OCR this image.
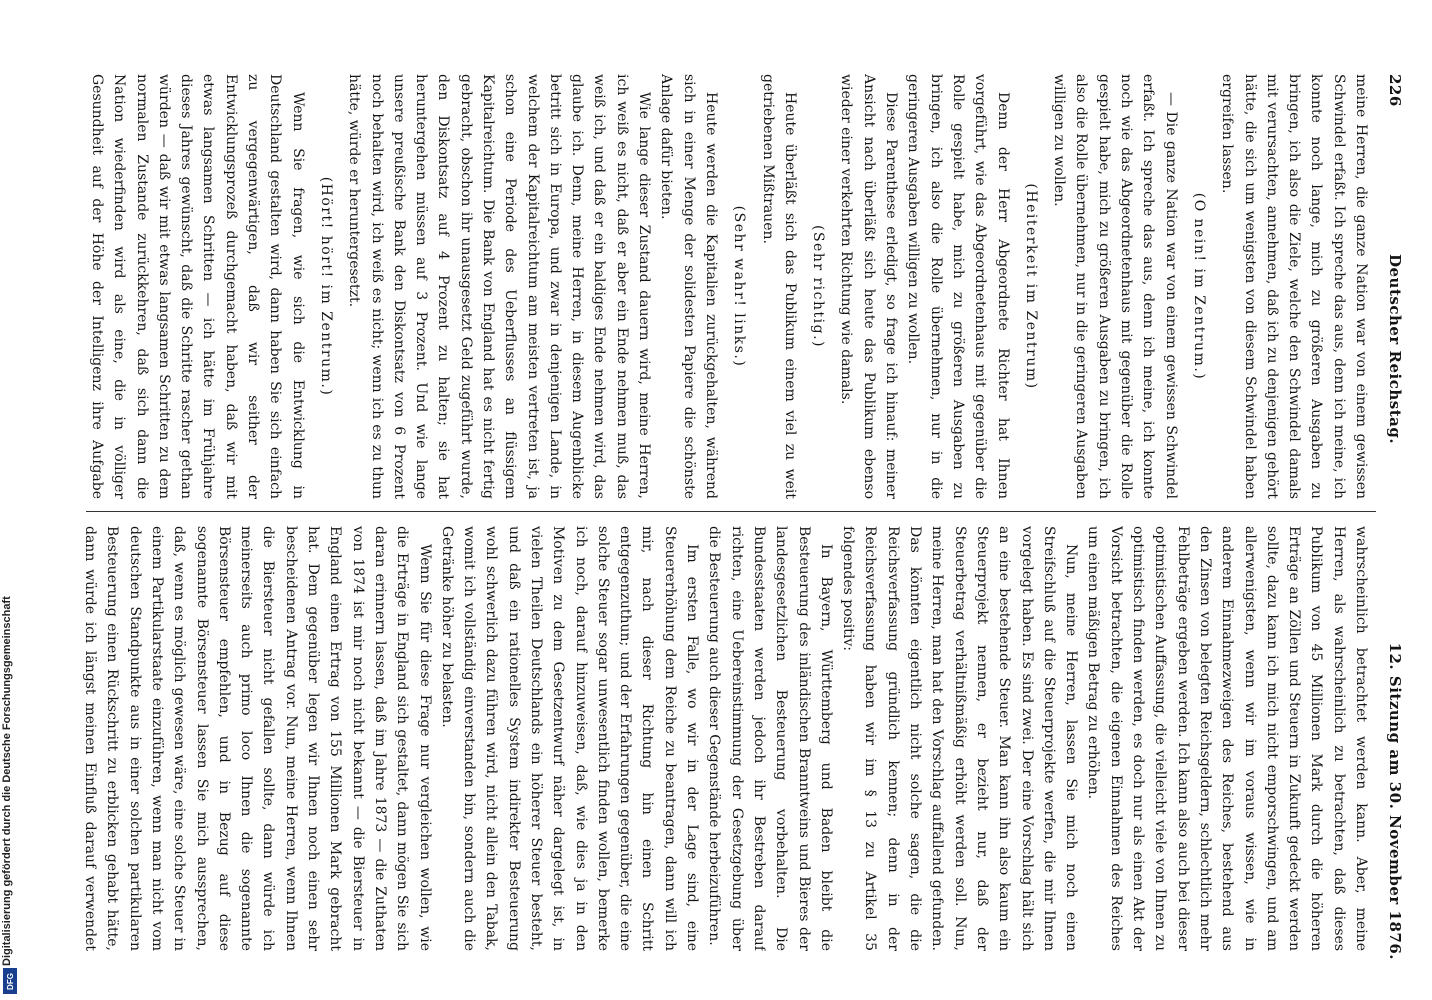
226
Deutscher Reichstag.
12. Sitzung am 30. November 1876.

meine Herren, die ganze Nation war von einem gewissen Schwindel erfaßt. Ich spreche das aus, denn ich meine, ich konnte noch lange, mich zu größeren Ausgaben zu bringen, ich also die Ziele, welche den Schwindel damals mit verursachten, annehmen, daß ich zu denjenigen gehört hätte, die sich um wenigsten von diesem Schwindel haben ergreifen lassen.

(O nein! im Zentrum.)

— Die ganze Nation war von einem gewissen Schwindel erfaßt. Ich spreche das aus, denn ich meine, ich konnte noch wie das Abgeordnetenhaus mit gegenüber die Rolle gespielt habe, mich zu größeren Ausgaben zu bringen, ich also die Rolle übernehmen, nur in die geringeren Ausgaben willigen zu wollen.

(Heiterkeit im Zentrum)

Denn der Herr Abgeordnete Richter hat Ihnen vorgeführt, wie das Abgeordnetenhaus mit gegenüber die Rolle gespielt habe, mich zu größeren Ausgaben zu bringen, ich also die Rolle übernehmen, nur in die geringeren Ausgaben willigen zu wollen.

Diese Parenthese erledigt, so frage ich hinauf: meiner Ansicht nach überläßt sich heute das Publikum ebenso wieder einer verkehrten Richtung wie damals.

(Sehr richtig.)

Heute überläßt sich das Publikum einem viel zu weit getriebenen Mißtrauen.

(Sehr wahr! links.)

Heute werden die Kapitalien zurückgehalten, während sich in einer Menge der solidesten Papiere die schönste Anlage dafür bieten.

Wie lange dieser Zustand dauern wird, meine Herren, ich weiß es nicht, daß er aber ein Ende nehmen muß, das weiß ich, und daß er ein baldiges Ende nehmen wird, das glaube ich. Denn, meine Herren, in diesem Augenblicke betritt sich in Europa, und zwar in denjenigen Lande, in welchem der Kapitalreichtum am meisten vertreten ist, ja schon eine Periode des Ueberflusses an flüssigem Kapitalreichtum. Die Bank von England hat es nicht fertig gebracht, obschon ihr unausgesetzt Geld zugeführt wurde, den Diskontsatz auf 4 Prozent zu halten; sie hat heruntergehen müssen auf 3 Prozent. Und wie lange unsere preußische Bank den Diskontsatz von 6 Prozent noch behalten wird, ich weiß es nicht; wenn ich es zu thun hätte, würde er heruntergesetzt.

(Hört! hört! im Zentrum.)

Wenn Sie fragen, wie sich die Entwicklung in Deutschland gestalten wird, dann haben Sie sich einfach zu vergegenwärtigen, daß wir seither der Entwicklungsprozeß durchgemacht haben, daß wir mit etwas langsamen Schritten — ich hätte im Frühjahre dieses Jahres gewünscht, daß die Schritte rascher gethan würden — daß wir mit etwas langsamen Schritten zu dem normalen Zustande zurückkehren, daß sich dann die Nation wiederfinden wird als eine, die in völliger Gesundheit auf der Höhe der Intelligenz ihre Aufgabe

wahrscheinlich betrachtet werden kann. Aber, meine Herren, als wahrscheinlich zu betrachten, daß dieses Publikum von 45 Millionen Mark durch die höheren Erträge an Zöllen und Steuern in Zukunft gedeckt werden sollte, dazu kann ich mich nicht emporschwingen, und am allerwenigsten, wenn wir im voraus wissen, wie in anderem Einnahmezweigen des Reiches, bestehend aus den Zinsen von belegten Reichsgeldern, schlechtlich mehr Fehlbeträge ergeben werden. Ich kann also auch bei dieser optimistischen Auffassung, die vielleicht viele von Ihnen zu optimistisch finden werden, es doch nur als einen Akt der Vorsicht betrachten, die eigenen Einnahmen des Reiches um einen mäßigen Betrag zu erhöhen.

Nun, meine Herren, lassen Sie mich noch einen Streifschluß auf die Steuerprojekte werfen, die mir Ihnen vorgelegt haben. Es sind zwei. Der eine Vorschlag hält sich an eine bestehende Steuer. Man kann ihn also kaum ein Steuerprojekt nennen, er bezieht nur, daß der Steuerbetrag verhältnißmäßig erhöht werden soll. Nun, meine Herren, man hat den Vorschlag auffallend gefunden. Das könnten eigentlich nicht solche sagen, die die Reichsverfassung gründlich kennen; denn in der Reichsverfassung haben wir im § 13 zu Artikel 35 folgendes positiv:

In Bayern, Württemberg und Baden bleibt die Besteuerung des inländischen Branntweins und Bieres der landesgesetzlichen Besteuerung vorbehalten. Die Bundesstaaten werden jedoch ihr Bestreben darauf richten, eine Uebereinstimmung der Gesetzgebung über die Besteuerung auch dieser Gegenstände herbeizuführen.

Im ersten Falle, wo wir in der Lage sind, eine Steuererhöhung dem Reiche zu beantragen, dann will ich mir, nach dieser Richtung hin einen Schritt entgegenzuthun; und der Erfahrungen gegenüber, die eine solche Steuer sogar unwesentlich finden wollen, bemerke ich noch, darauf hinzuweisen, daß, wie dies ja in den Motiven zu dem Gesetzentwurf näher dargelegt ist, in vielen Theilen Deutschlands ein höherer Steuer besteht, und daß ein rationelles System indirekter Besteuerung wohl schwerlich dazu führen wird, nicht allein den Tabak, womit ich vollständig einverstanden bin, sondern auch die Getränke höher zu belasten.

Wenn Sie für diese Frage nur vergleichen wollen, wie die Erträge in England sich gestaltet, dann mögen Sie sich daran erinnern lassen, daß im Jahre 1873 — die Zuthaten von 1874 ist mir noch nicht bekannt — die Biersteuer in England einen Ertrag von 155 Millionen Mark gebracht hat. Dem gegenüber legen wir Ihnen noch einen sehr bescheidenen Antrag vor. Nun, meine Herren, wenn Ihnen die Biersteuer nicht gefallen sollte, dann würde ich meinerseits auch primo loco Ihnen die sogenannte Börsensteuer empfehlen, und in Bezug auf diese sogenannte Börsensteuer lassen Sie mich aussprechen, daß, wenn es möglich gewesen wäre, eine solche Steuer in einem Partikularstaate einzuführen, wenn man nicht vom deutschen Standpunkte aus in einer solchen partikularen Besteuerung einen Rückschritt zu erblicken gehabt hätte, dann würde ich längst meinen Einfluß darauf verwendet

Digitalisierung gefördert durch die Deutsche Forschungsgemeinschaft
DFG
